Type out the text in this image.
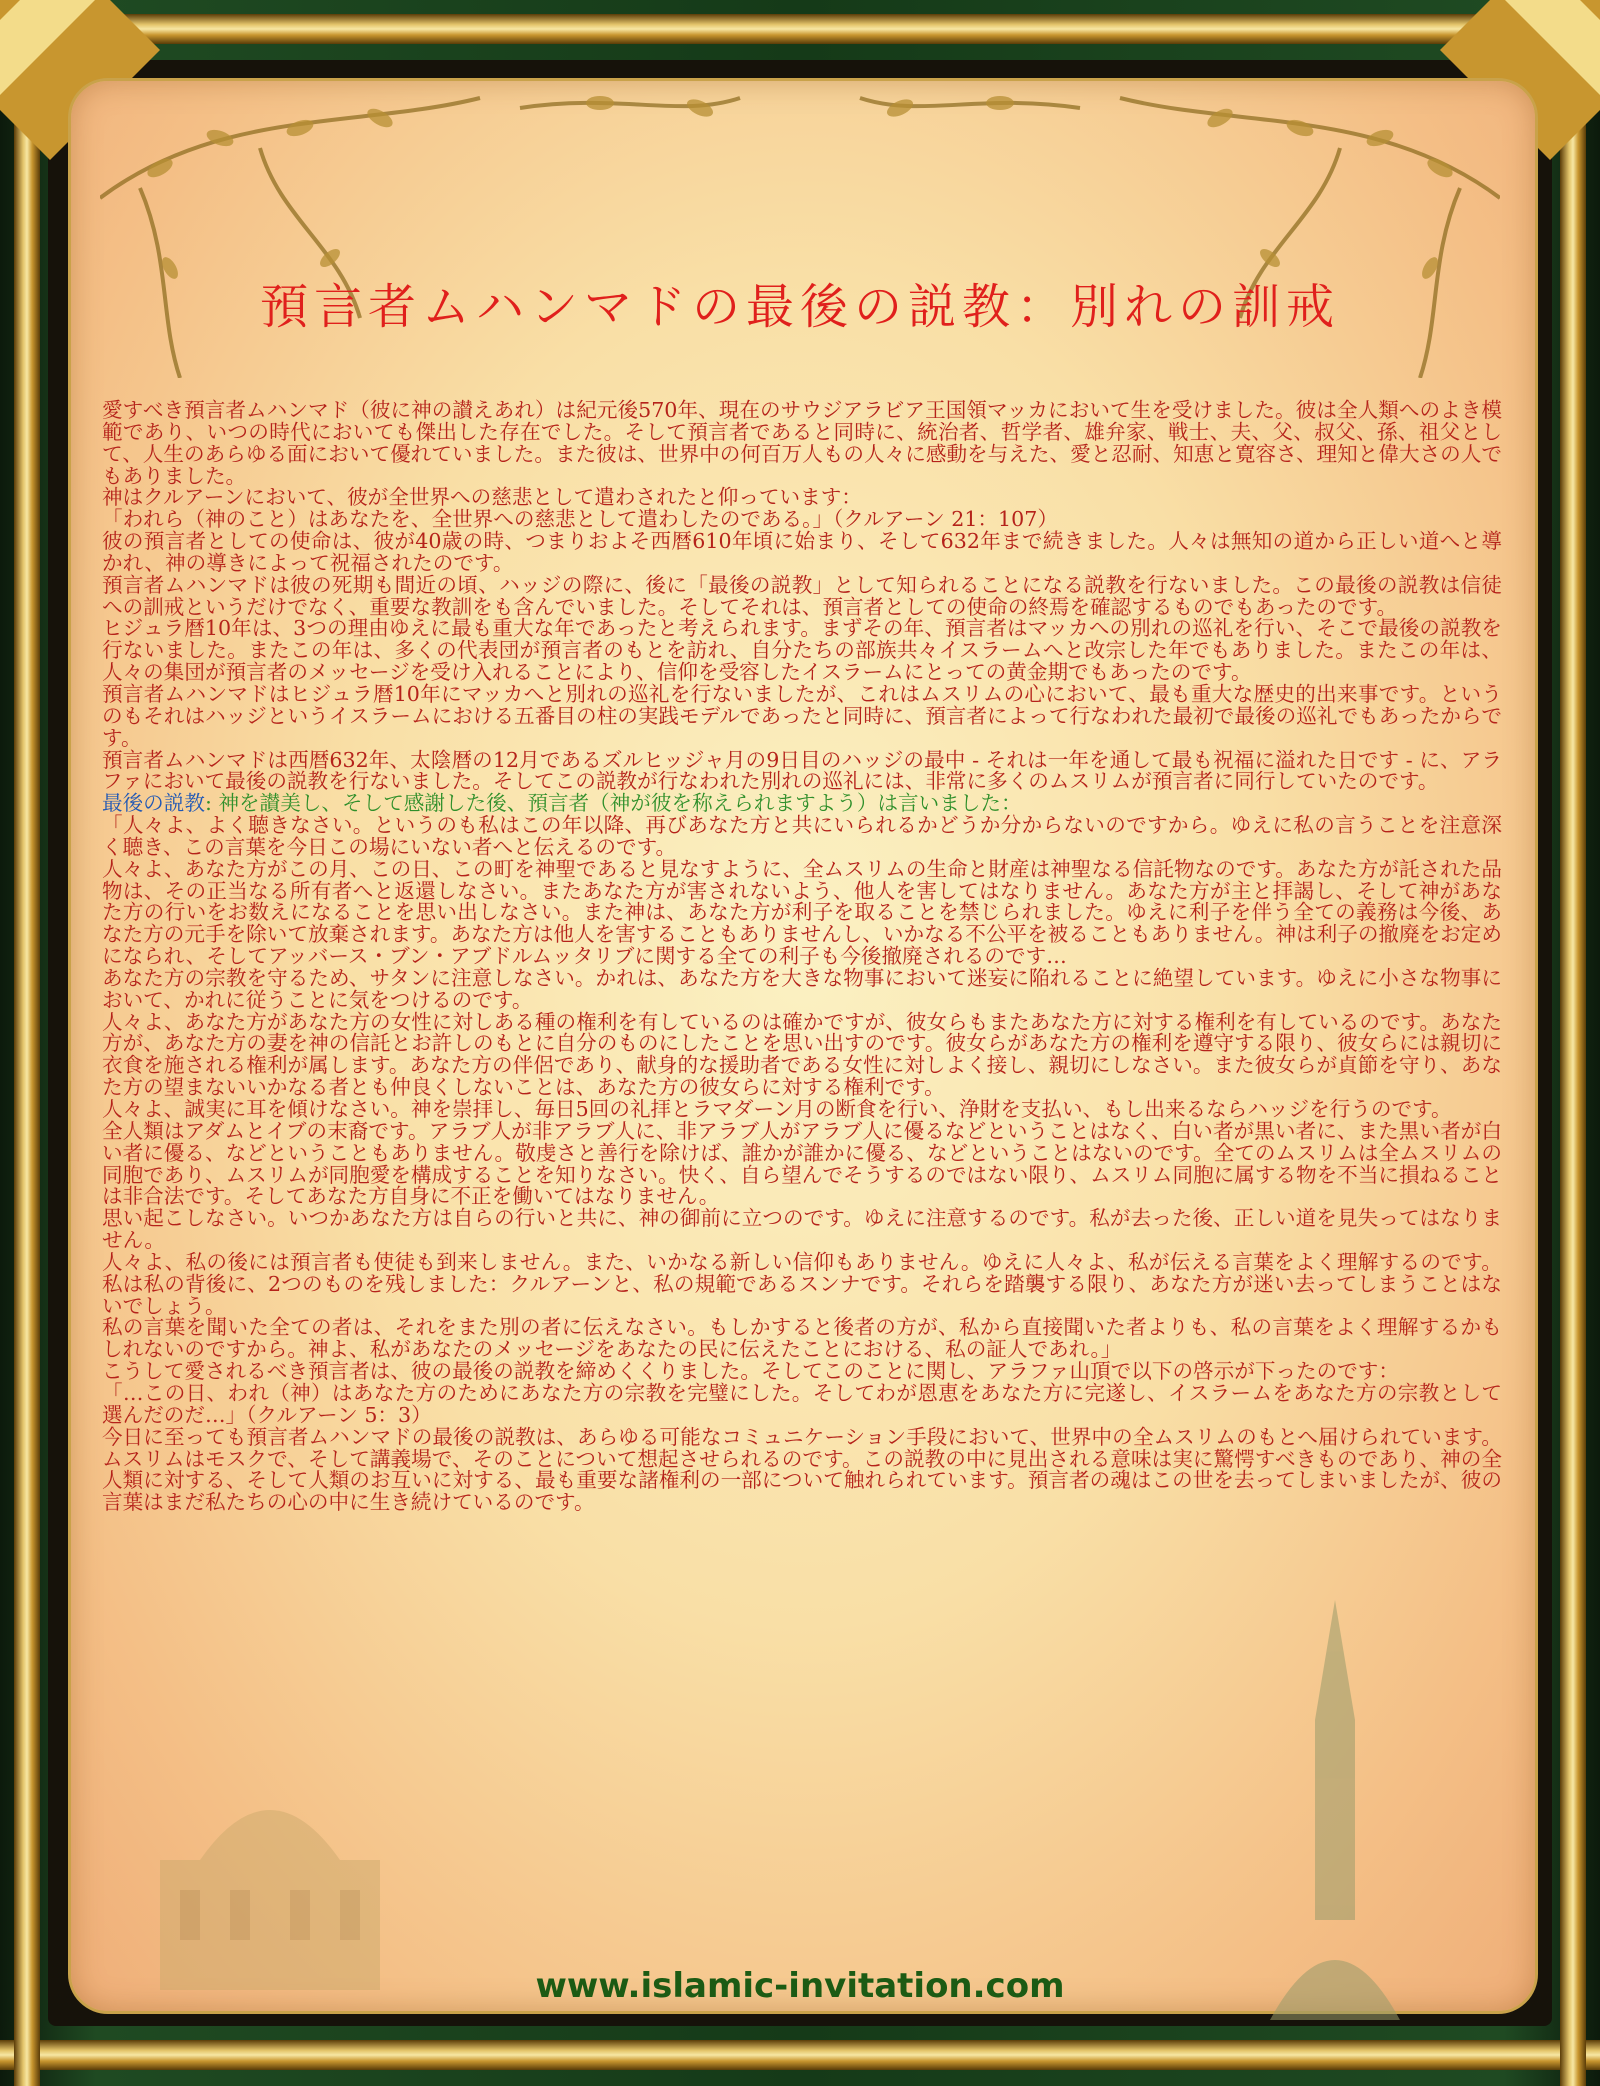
預言者ムハンマドの最後の説教：別れの訓戒

愛すべき預言者ムハンマド（彼に神の讃えあれ）は紀元後570年、現在のサウジアラビア王国領マッカにおいて生を受けました。彼は全人類へのよき模範であり、いつの時代においても傑出した存在でした。そして預言者であると同時に、統治者、哲学者、雄弁家、戦士、夫、父、叔父、孫、祖父として、人生のあらゆる面において優れていました。また彼は、世界中の何百万人もの人々に感動を与えた、愛と忍耐、知恵と寛容さ、理知と偉大さの人でもありました。

神はクルアーンにおいて、彼が全世界への慈悲として遣わされたと仰っています：

「われら（神のこと）はあなたを、全世界への慈悲として遣わしたのである。」（クルアーン 21：107）

彼の預言者としての使命は、彼が40歳の時、つまりおよそ西暦610年頃に始まり、そして632年まで続きました。人々は無知の道から正しい道へと導かれ、神の導きによって祝福されたのです。

預言者ムハンマドは彼の死期も間近の頃、ハッジの際に、後に「最後の説教」として知られることになる説教を行ないました。この最後の説教は信徒への訓戒というだけでなく、重要な教訓をも含んでいました。そしてそれは、預言者としての使命の終焉を確認するものでもあったのです。

ヒジュラ暦10年は、3つの理由ゆえに最も重大な年であったと考えられます。まずその年、預言者はマッカへの別れの巡礼を行い、そこで最後の説教を行ないました。またこの年は、多くの代表団が預言者のもとを訪れ、自分たちの部族共々イスラームへと改宗した年でもありました。またこの年は、人々の集団が預言者のメッセージを受け入れることにより、信仰を受容したイスラームにとっての黄金期でもあったのです。

預言者ムハンマドはヒジュラ暦10年にマッカへと別れの巡礼を行ないましたが、これはムスリムの心において、最も重大な歴史的出来事です。というのもそれはハッジというイスラームにおける五番目の柱の実践モデルであったと同時に、預言者によって行なわれた最初で最後の巡礼でもあったからです。

預言者ムハンマドは西暦632年、太陰暦の12月であるズルヒッジャ月の9日目のハッジの最中 - それは一年を通して最も祝福に溢れた日です - に、アラファにおいて最後の説教を行ないました。そしてこの説教が行なわれた別れの巡礼には、非常に多くのムスリムが預言者に同行していたのです。

最後の説教: 神を讃美し、そして感謝した後、預言者（神が彼を称えられますよう）は言いました：

「人々よ、よく聴きなさい。というのも私はこの年以降、再びあなた方と共にいられるかどうか分からないのですから。ゆえに私の言うことを注意深く聴き、この言葉を今日この場にいない者へと伝えるのです。

人々よ、あなた方がこの月、この日、この町を神聖であると見なすように、全ムスリムの生命と財産は神聖なる信託物なのです。あなた方が託された品物は、その正当なる所有者へと返還しなさい。またあなた方が害されないよう、他人を害してはなりません。あなた方が主と拝謁し、そして神があなた方の行いをお数えになることを思い出しなさい。また神は、あなた方が利子を取ることを禁じられました。ゆえに利子を伴う全ての義務は今後、あなた方の元手を除いて放棄されます。あなた方は他人を害することもありませんし、いかなる不公平を被ることもありません。神は利子の撤廃をお定めになられ、そしてアッバース・ブン・アブドルムッタリブに関する全ての利子も今後撤廃されるのです…

あなた方の宗教を守るため、サタンに注意しなさい。かれは、あなた方を大きな物事において迷妄に陥れることに絶望しています。ゆえに小さな物事において、かれに従うことに気をつけるのです。

人々よ、あなた方があなた方の女性に対しある種の権利を有しているのは確かですが、彼女らもまたあなた方に対する権利を有しているのです。あなた方が、あなた方の妻を神の信託とお許しのもとに自分のものにしたことを思い出すのです。彼女らがあなた方の権利を遵守する限り、彼女らには親切に衣食を施される権利が属します。あなた方の伴侶であり、献身的な援助者である女性に対しよく接し、親切にしなさい。また彼女らが貞節を守り、あなた方の望まないいかなる者とも仲良くしないことは、あなた方の彼女らに対する権利です。

人々よ、誠実に耳を傾けなさい。神を崇拝し、毎日5回の礼拝とラマダーン月の断食を行い、浄財を支払い、もし出来るならハッジを行うのです。

全人類はアダムとイブの末裔です。アラブ人が非アラブ人に、非アラブ人がアラブ人に優るなどということはなく、白い者が黒い者に、また黒い者が白い者に優る、などということもありません。敬虔さと善行を除けば、誰かが誰かに優る、などということはないのです。全てのムスリムは全ムスリムの同胞であり、ムスリムが同胞愛を構成することを知りなさい。快く、自ら望んでそうするのではない限り、ムスリム同胞に属する物を不当に損ねることは非合法です。そしてあなた方自身に不正を働いてはなりません。

思い起こしなさい。いつかあなた方は自らの行いと共に、神の御前に立つのです。ゆえに注意するのです。私が去った後、正しい道を見失ってはなりません。

人々よ、私の後には預言者も使徒も到来しません。また、いかなる新しい信仰もありません。ゆえに人々よ、私が伝える言葉をよく理解するのです。私は私の背後に、2つのものを残しました：クルアーンと、私の規範であるスンナです。それらを踏襲する限り、あなた方が迷い去ってしまうことはないでしょう。

私の言葉を聞いた全ての者は、それをまた別の者に伝えなさい。もしかすると後者の方が、私から直接聞いた者よりも、私の言葉をよく理解するかもしれないのですから。神よ、私があなたのメッセージをあなたの民に伝えたことにおける、私の証人であれ。」

こうして愛されるべき預言者は、彼の最後の説教を締めくくりました。そしてこのことに関し、アラファ山頂で以下の啓示が下ったのです：

「…この日、われ（神）はあなた方のためにあなた方の宗教を完璧にした。そしてわが恩恵をあなた方に完遂し、イスラームをあなた方の宗教として選んだのだ…」（クルアーン 5：3）

今日に至っても預言者ムハンマドの最後の説教は、あらゆる可能なコミュニケーション手段において、世界中の全ムスリムのもとへ届けられています。ムスリムはモスクで、そして講義場で、そのことについて想起させられるのです。この説教の中に見出される意味は実に驚愕すべきものであり、神の全人類に対する、そして人類のお互いに対する、最も重要な諸権利の一部について触れられています。預言者の魂はこの世を去ってしまいましたが、彼の言葉はまだ私たちの心の中に生き続けているのです。

www.islamic-invitation.com
